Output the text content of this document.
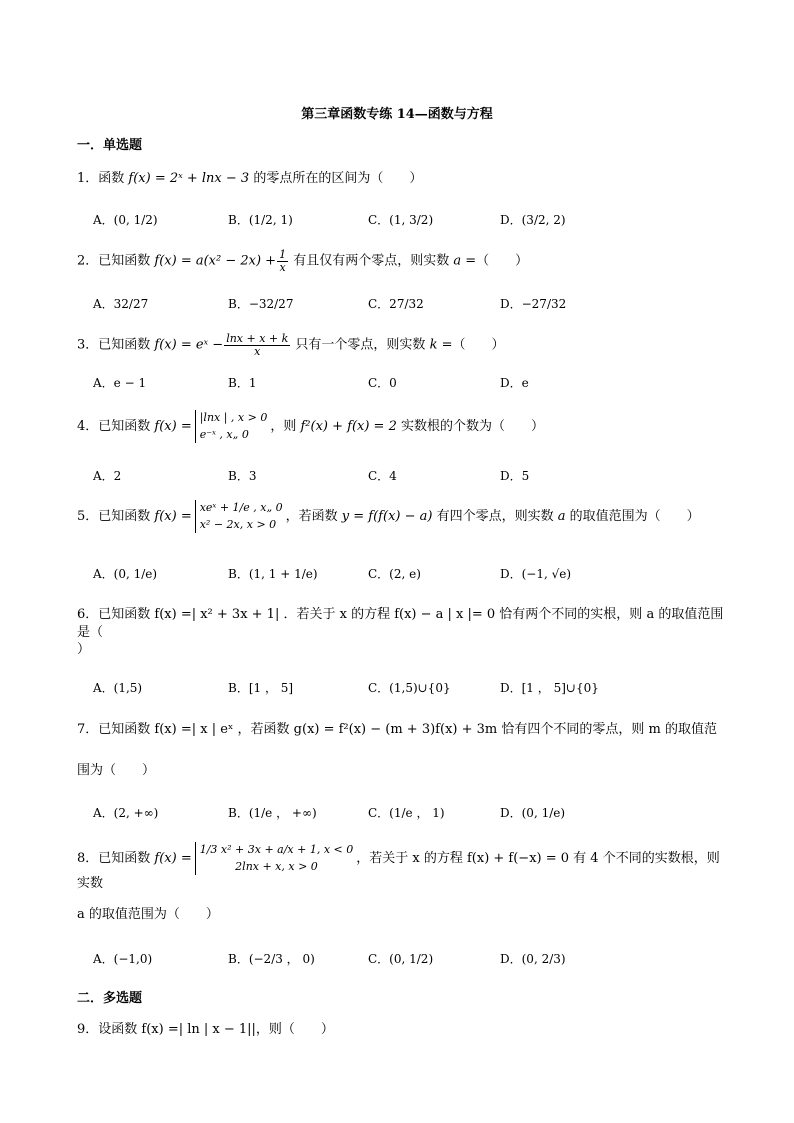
第三章函数专练 14—函数与方程
一．单选题
1．函数 f(x) = 2ˣ + lnx − 3 的零点所在的区间为（　　）
A．(0, 1/2)	B．(1/2, 1)	C．(1, 3/2)	D．(3/2, 2)
2．已知函数 $f(x) = a(x^2 - 2x) + \frac{1}{x}$ 有且仅有两个零点，则实数 a =（　　）
A．32/27	B．−32/27	C．27/32	D．−27/32
3．已知函数 f(x) = eˣ − $\frac{\ln x + x + k}{x}$ 只有一个零点，则实数 k =（　　）
A．e − 1	B．1	C．0	D．e
4．已知函数 f(x) =
|lnx | , x > 0
e⁻ˣ , x„ 0	，则 f²(x) + f(x) = 2 实数根的个数为（　　）
A．2	B．3	C．4	D．5
5．已知函数 f(x) =
xeˣ + 1/e , x„ 0
x² − 2x, x > 0 ，若函数 y = f(f(x) − a) 有四个零点，则实数 a 的取值范围为（　　）
A．(0, 1/e)	B．(1, 1 + 1/e)	C．(2, e)	D．(−1, √e)
6．已知函数 f(x) =| x² + 3x + 1| ．若关于 x 的方程 f(x) − a | x |= 0 恰有两个不同的实根，则 a 的取值范围是（
）
A．(1,5)	B．[1 ， 5]	C．(1,5)∪{0}	D．[1 ， 5]∪{0}
7．已知函数 f(x) =| x | eˣ ，若函数 g(x) = f²(x) − (m + 3)f(x) + 3m 恰有四个不同的零点，则 m 的取值范
围为（　　）
A．(2, +∞)	B．(1/e ， +∞)	C．(1/e ， 1)	D．(0, 1/e)
8．已知函数 f(x) =
1/3 x² + 3x + a/x + 1, x < 0
2lnx + x, x > 0	，若关于 x 的方程 f(x) + f(−x) = 0 有 4 个不同的实数根，则实数
a 的取值范围为（　　）
A．(−1,0)	B．(−2/3 ， 0)	C．(0, 1/2)	D．(0, 2/3)
二．多选题
9．设函数 f(x) =| ln | x − 1||，则（　　）
